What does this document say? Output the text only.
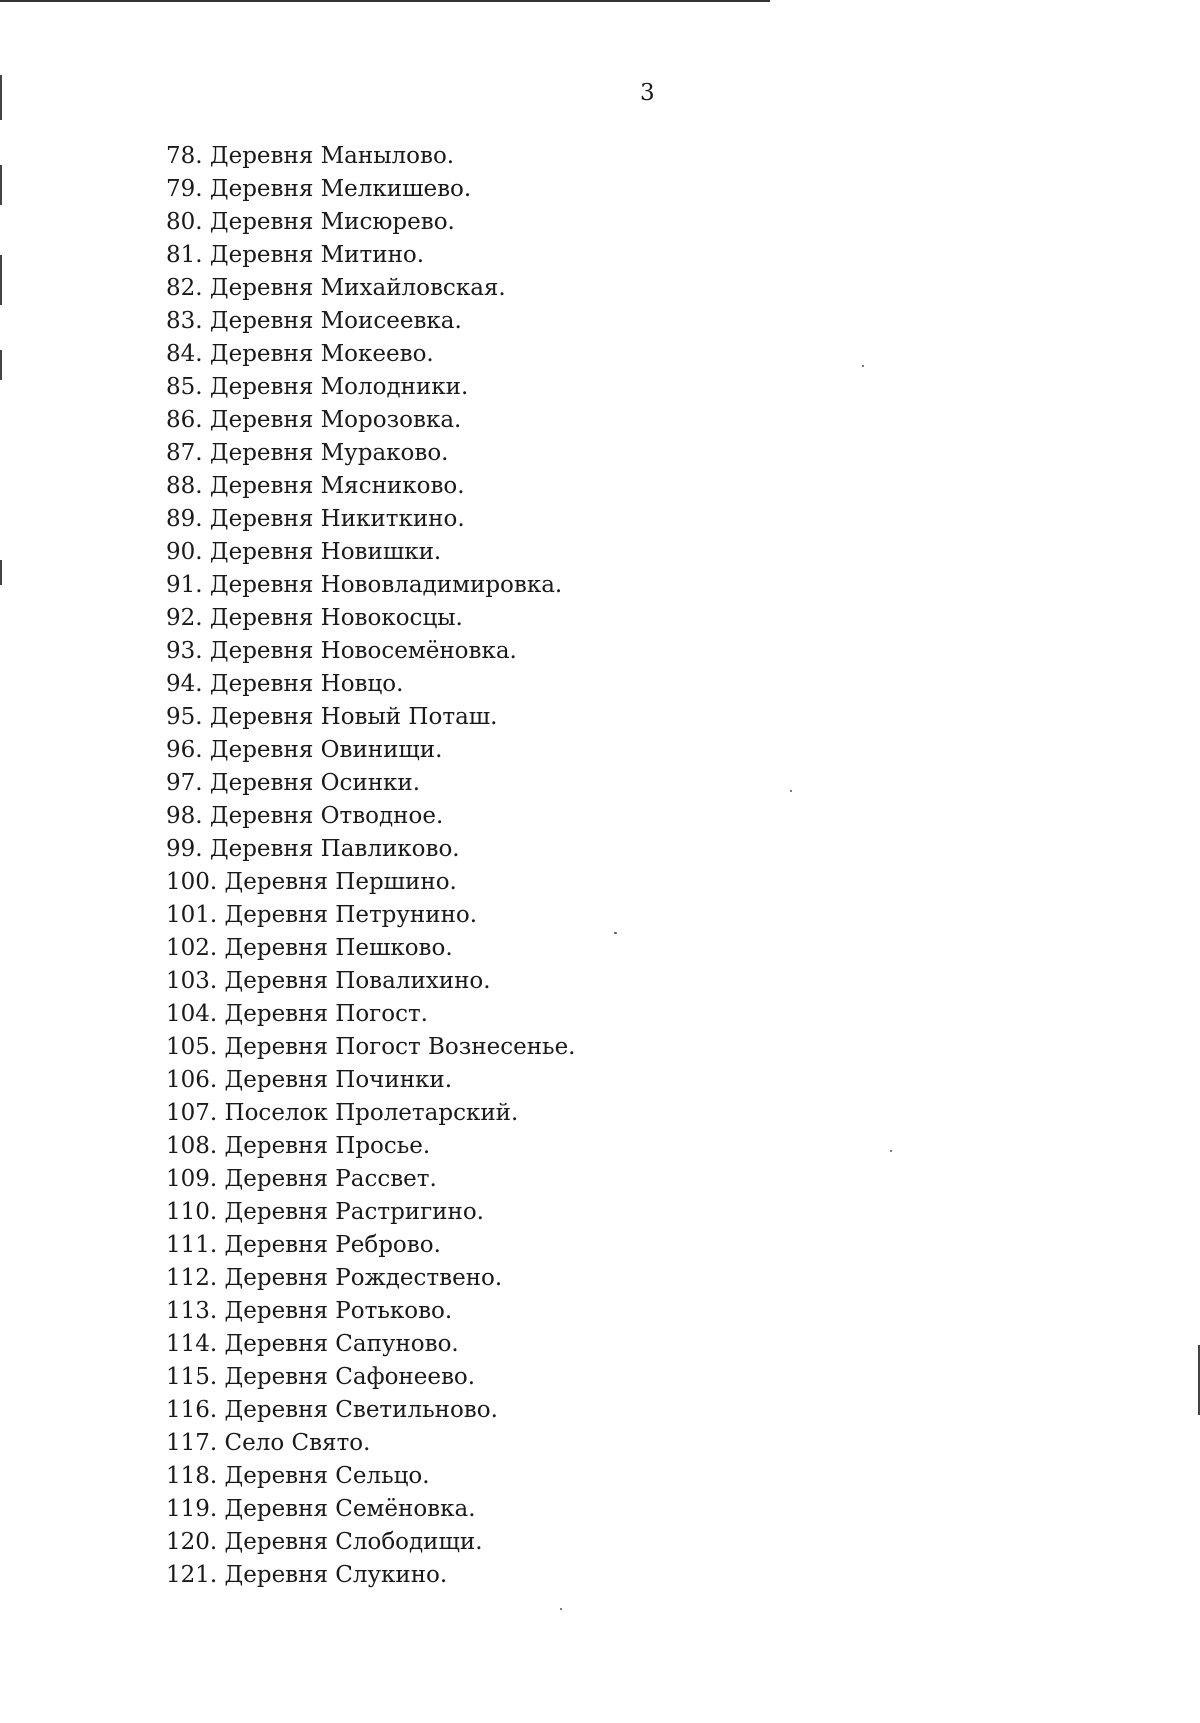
3
78. Деревня Манылово.
79. Деревня Мелкишево.
80. Деревня Мисюрево.
81. Деревня Митино.
82. Деревня Михайловская.
83. Деревня Моисеевка.
84. Деревня Мокеево.
85. Деревня Молодники.
86. Деревня Морозовка.
87. Деревня Мураково.
88. Деревня Мясниково.
89. Деревня Никиткино.
90. Деревня Новишки.
91. Деревня Нововладимировка.
92. Деревня Новокосцы.
93. Деревня Новосемёновка.
94. Деревня Новцо.
95. Деревня Новый Поташ.
96. Деревня Овинищи.
97. Деревня Осинки.
98. Деревня Отводное.
99. Деревня Павликово.
100. Деревня Першино.
101. Деревня Петрунино.
102. Деревня Пешково.
103. Деревня Повалихино.
104. Деревня Погост.
105. Деревня Погост Вознесенье.
106. Деревня Починки.
107. Поселок Пролетарский.
108. Деревня Просье.
109. Деревня Рассвет.
110. Деревня Растригино.
111. Деревня Реброво.
112. Деревня Рождествено.
113. Деревня Ротьково.
114. Деревня Сапуново.
115. Деревня Сафонеево.
116. Деревня Светильново.
117. Село Свято.
118. Деревня Сельцо.
119. Деревня Семёновка.
120. Деревня Слободищи.
121. Деревня Слукино.
